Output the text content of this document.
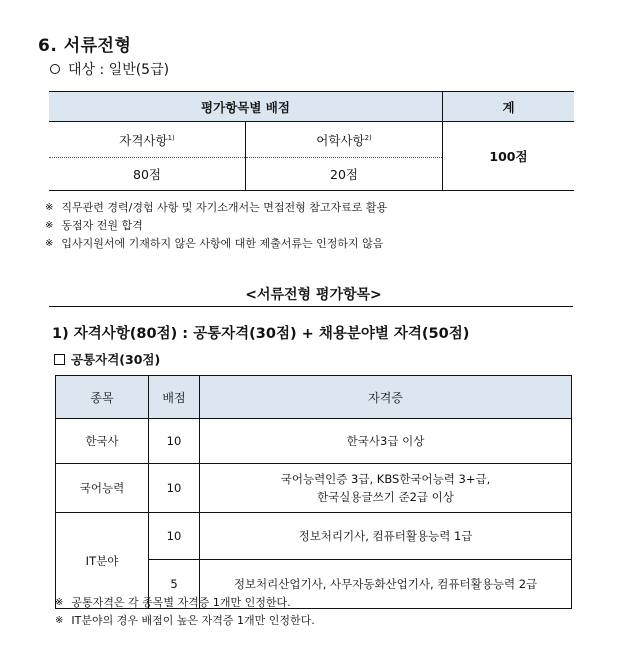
6. 서류전형
대상 : 일반(5급)
평가항목별 배점		계
자격사항$^{1)}$	어학사항$^{2)}$	100점
80점	20점	
※ 직무관련 경력/경험 사항 및 자기소개서는 면접전형 참고자료로 활용
※ 동점자 전원 합격
※ 입사지원서에 기재하지 않은 사항에 대한 제출서류는 인정하지 않음
<서류전형 평가항목>
1) 자격사항(80점) : 공통자격(30점) + 채용분야별 자격(50점)
공통자격(30점)
종목	배점	자격증
한국사	10	한국사3급 이상
국어능력	10	국어능력인증 3급, KBS한국어능력 3+급,
한국실용글쓰기 준2급 이상

IT분야	10	정보처리기사, 컴퓨터활용능력 1급
	5	정보처리산업기사, 사무자동화산업기사, 컴퓨터활용능력 2급
※ 공통자격은 각 종목별 자격증 1개만 인정한다.
※ IT분야의 경우 배점이 높은 자격증 1개만 인정한다.
